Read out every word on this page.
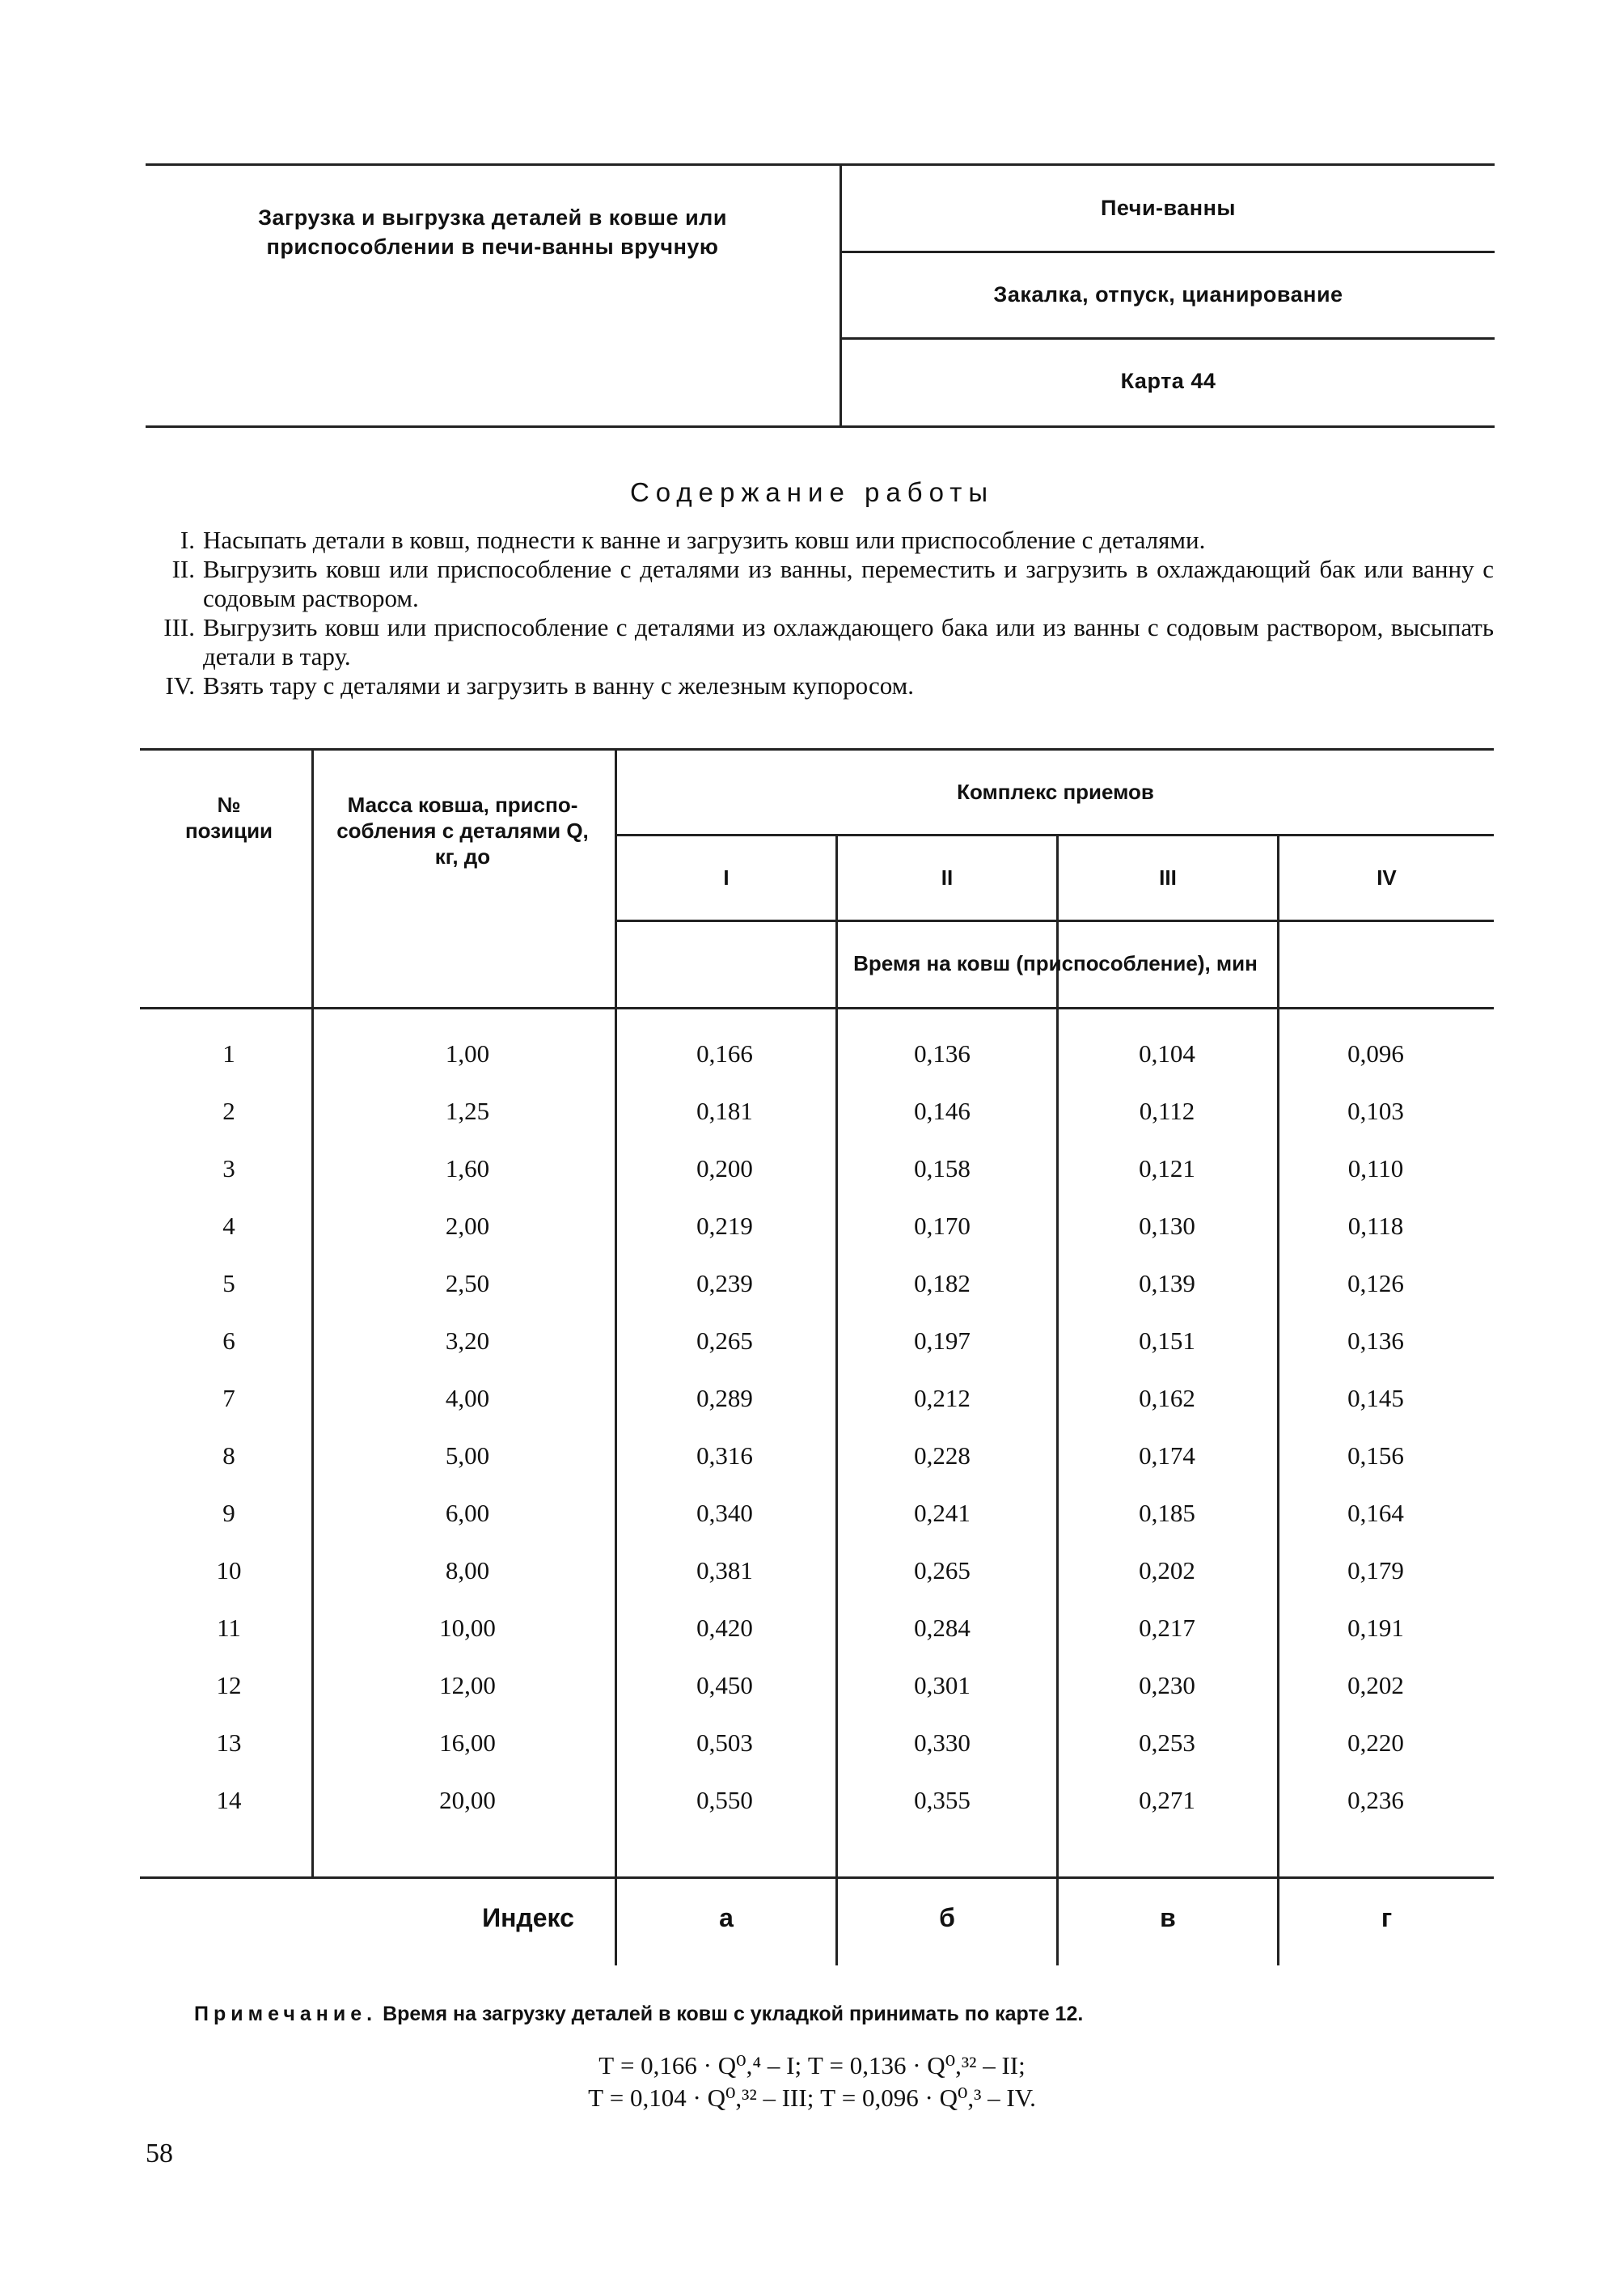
Загрузка и выгрузка деталей в ковше или приспособлении в печи-ванны вручную
Печи-ванны
Закалка, отпуск, цианирование
Карта 44
Содержание работы
I. Насыпать детали в ковш, поднести к ванне и загрузить ковш или приспособление с деталями.
II. Выгрузить ковш или приспособление с деталями из ванны, переместить и загрузить в охлаждающий бак или ванну с содовым раствором.
III. Выгрузить ковш или приспособление с деталями из охлаждающего бака или из ванны с содовым раствором, высыпать детали в тару.
IV. Взять тару с деталями и загрузить в ванну с железным купоросом.
№ позиции
Масса ковша, приспо-собления с деталями Q, кг, до
Комплекс приемов
I	II	III	IV
Время на ковш (приспособление), мин
1	1,00	0,166	0,136	0,104	0,096
2	1,25	0,181	0,146	0,112	0,103
3	1,60	0,200	0,158	0,121	0,110
4	2,00	0,219	0,170	0,130	0,118
5	2,50	0,239	0,182	0,139	0,126
6	3,20	0,265	0,197	0,151	0,136
7	4,00	0,289	0,212	0,162	0,145
8	5,00	0,316	0,228	0,174	0,156
9	6,00	0,340	0,241	0,185	0,164
10	8,00	0,381	0,265	0,202	0,179
11	10,00	0,420	0,284	0,217	0,191
12	12,00	0,450	0,301	0,230	0,202
13	16,00	0,503	0,330	0,253	0,220
14	20,00	0,550	0,355	0,271	0,236
Индекс	а	б	в	г
Примечание. Время на загрузку деталей в ковш с укладкой принимать по карте 12.
Т = 0,166 · Q⁰,⁴ – I; Т = 0,136 · Q⁰,³² – II;
Т = 0,104 · Q⁰,³² – III; Т = 0,096 · Q⁰,³ – IV.
58
